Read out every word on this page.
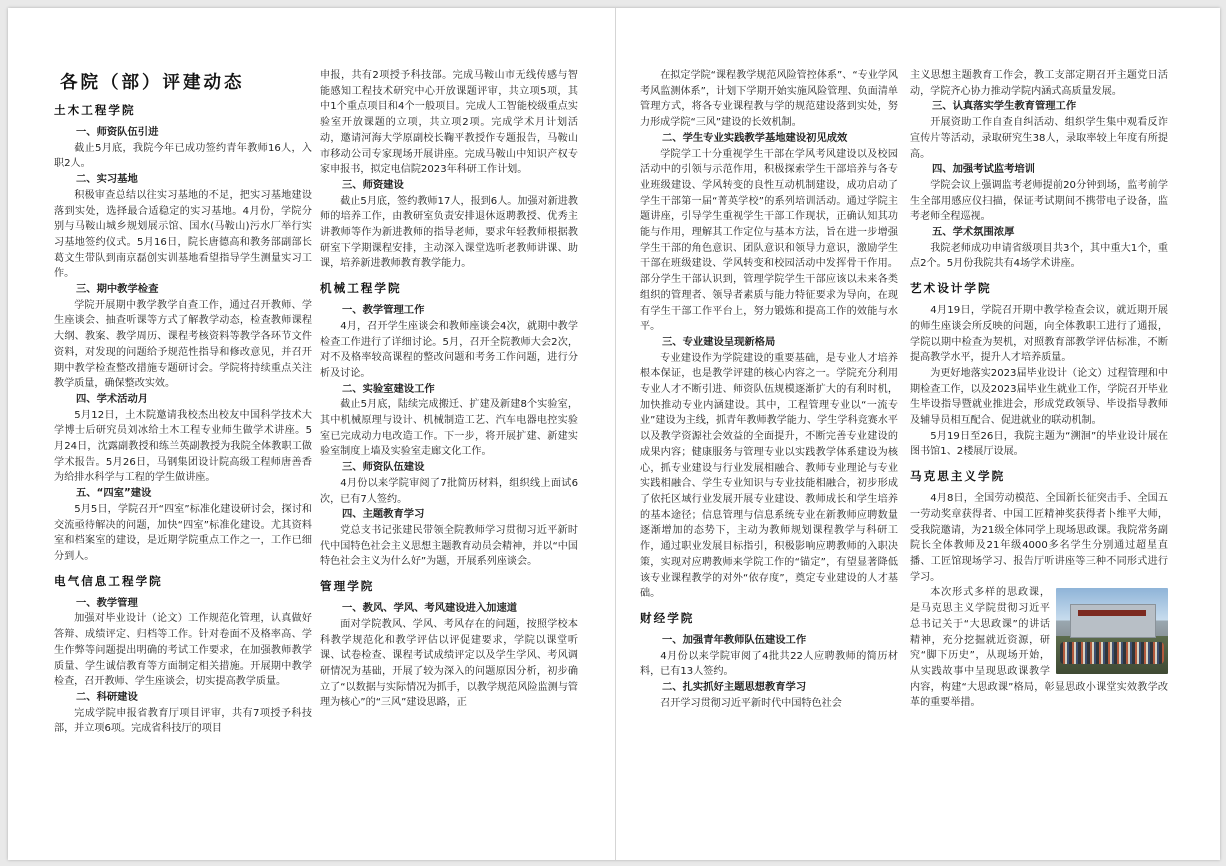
各院（部）评建动态
土木工程学院
一、师资队伍引进

截止5月底，我院今年已成功签约青年教师16人，入职2人。

二、实习基地

积极审查总结以往实习基地的不足，把实习基地建设落到实处，选择最合适稳定的实习基地。4月份，学院分别与马鞍山城乡规划展示馆、国水(马鞍山)污水厂举行实习基地签约仪式。5月16日，院长唐德高和教务部副部长葛文生带队到南京磊创实训基地看望指导学生测量实习工作。

三、期中教学检查

学院开展期中教学教学自查工作，通过召开教师、学生座谈会、抽查听课等方式了解教学动态，检查教师课程大纲、教案、教学周历、课程考核资料等教学各环节文件资料，对发现的问题给予规范性指导和修改意见，并召开期中教学检查整改措施专题研讨会。学院将持续重点关注教学质量，确保整改实效。

四、学术活动月

5月12日，土木院邀请我校杰出校友中国科学技术大学博士后研究员刘冰给土木工程专业师生做学术讲座。5月24日，沈露副教授和练兰英副教授为我院全体教职工做学术报告。5月26日，马钢集团设计院高级工程师唐善香为给排水科学与工程的学生做讲座。

五、“四室”建设

5月5日，学院召开“四室”标准化建设研讨会，探讨和交流亟待解决的问题，加快“四室”标准化建设。尤其资料室和档案室的建设，是近期学院重点工作之一，工作已细分到人。

电气信息工程学院
一、教学管理

加强对毕业设计（论文）工作规范化管理，认真做好答辩、成绩评定、归档等工作。针对卷面不及格率高、学生作弊等问题提出明确的考试工作要求，在加强教师教学质量、学生诚信教育等方面制定相关措施。开展期中教学检查，召开教师、学生座谈会，切实提高教学质量。

二、科研建设

完成学院申报省教育厅项目评审，共有7项授予科技部，并立项6项。完成省科技厅的项目

申报，共有2项授予科技部。完成马鞍山市无线传感与智能感知工程技术研究中心开放课题评审，共立项5项，其中1个重点项目和4个一般项目。完成人工智能校级重点实验室开放课题的立项，共立项2项。完成学术月计划活动，邀请河海大学原副校长鞠平教授作专题报告，马鞍山市移动公司专家现场开展讲座。完成马鞍山中知识产权专家申报书，拟定电信院2023年科研工作计划。

三、师资建设

截止5月底，签约教师17人，报到6人。加强对新进教师的培养工作，由教研室负责安排退休返聘教授、优秀主讲教师等作为新进教师的指导老师，要求年轻教师根据教研室下学期课程安排，主动深入课堂选听老教师讲课、助课，培养新进教师教育教学能力。

机械工程学院
一、教学管理工作

4月，召开学生座谈会和教师座谈会4次，就期中教学检查工作进行了详细讨论。5月，召开全院教师大会2次，对不及格率较高课程的整改问题和考务工作问题，进行分析及讨论。

二、实验室建设工作

截止5月底，陆续完成搬迁、扩建及新建8个实验室，其中机械原理与设计、机械制造工艺、汽车电器电控实验室已完成动力电改造工作。下一步，将开展扩建、新建实验室制度上墙及实验室走廊文化工作。

三、师资队伍建设

4月份以来学院审阅了7批简历材料，组织线上面试6次，已有7人签约。

四、主题教育学习

党总支书记张建民带领全院教师学习贯彻习近平新时代中国特色社会主义思想主题教育动员会精神，并以“中国特色社会主义为什么好”为题，开展系列座谈会。

管理学院
一、教风、学风、考风建设进入加速道

面对学院教风、学风、考风存在的问题，按照学校本科教学规范化和教学评估以评促建要求，学院以课堂听课、试卷检查、课程考试成绩评定以及学生学风、考风调研情况为基础，开展了较为深入的问题原因分析，初步确立了“以数据与实际情况为抓手，以教学规范风险监测与管理为核心”的“三风”建设思路，正

在拟定学院“课程教学规范风险管控体系”、“专业学风考风监测体系”，计划下学期开始实施风险管理、负面清单管理方式，将各专业课程教与学的规范建设落到实处，努力形成学院“三风”建设的长效机制。

二、学生专业实践教学基地建设初见成效

学院学工十分重视学生干部在学风考风建设以及校园活动中的引领与示范作用，积极探索学生干部培养与各专业班级建设、学风转变的良性互动机制建设，成功启动了学生干部第一届“菁英学校”的系列培训活动。通过学院主题讲座，引导学生重视学生干部工作现状，正确认知其功能与作用，理解其工作定位与基本方法，旨在进一步增强学生干部的角色意识、团队意识和领导力意识，激励学生干部在班级建设、学风转变和校园活动中发挥骨干作用。部分学生干部认识到，管理学院学生干部应该以未来各类组织的管理者、领导者素质与能力特征要求为导向，在现有学生干部工作平台上，努力锻炼和提高工作的效能与水平。

三、专业建设呈现新格局

专业建设作为学院建设的重要基础，是专业人才培养根本保证，也是教学评建的核心内容之一。学院充分利用专业人才不断引进、师资队伍规模逐渐扩大的有利时机，加快推动专业内涵建设。其中，工程管理专业以“一流专业”建设为主线，抓青年教师教学能力、学生学科竞赛水平以及教学资源社会效益的全面提升，不断完善专业建设的成果内容；健康服务与管理专业以实践教学体系建设为核心，抓专业建设与行业发展相融合、教师专业理论与专业实践相融合、学生专业知识与专业技能相融合，初步形成了依托区域行业发展开展专业建设、教师成长和学生培养的基本途径；信息管理与信息系统专业在新教师应聘数量逐渐增加的态势下，主动为教师规划课程教学与科研工作，通过职业发展目标指引，积极影响应聘教师的入职决策，实现对应聘教师来学院工作的“锚定”，有望显著降低该专业课程教学的对外“依存度”，奠定专业建设的人才基础。

财经学院
一、加强青年教师队伍建设工作

4月份以来学院审阅了4批共22人应聘教师的简历材料，已有13人签约。

二、扎实抓好主题思想教育学习

召开学习贯彻习近平新时代中国特色社会

主义思想主题教育工作会，教工支部定期召开主题党日活动，学院齐心协力推动学院内涵式高质量发展。

三、认真落实学生教育管理工作

开展资助工作自查自纠活动、组织学生集中观看反诈宣传片等活动，录取研究生38人，录取率较上年度有所提高。

四、加强考试监考培训

学院会议上强调监考老师提前20分钟到场，监考前学生全部用感应仪扫描，保证考试期间不携带电子设备，监考老师全程巡视。

五、学术氛围浓厚

我院老师成功申请省级项目共3个，其中重大1个，重点2个。5月份我院共有4场学术讲座。

艺术设计学院

4月19日，学院召开期中教学检查会议，就近期开展的师生座谈会所反映的问题，向全体教职工进行了通报，学院以期中检查为契机，对照教育部教学评估标准，不断提高教学水平，提升人才培养质量。

为更好地落实2023届毕业设计（论文）过程管理和中期检查工作，以及2023届毕业生就业工作，学院召开毕业生毕设指导暨就业推进会，形成党政领导、毕设指导教师及辅导员相互配合、促进就业的联动机制。

5月19日至26日，我院主题为“溯洄”的毕业设计展在图书馆1、2楼展厅设展。

马克思主义学院

4月8日，全国劳动模范、全国新长征突击手、全国五一劳动奖章获得者、中国工匠精神奖获得者卜维平大师，受我院邀请，为21级全体同学上现场思政课。我院常务副院长全体教师及21年级4000多名学生分别通过超星直播、工匠馆现场学习、报告厅听讲座等三种不同形式进行学习。

本次形式多样的思政课，是马克思主义学院贯彻习近平总书记关于“大思政课”的讲话精神，充分挖掘就近资源，研究“脚下历史”，从现场开始，从实践故事中呈现思政课教学内容，构建“大思政课”格局，彰显思政小课堂实效教学改革的重要举措。
